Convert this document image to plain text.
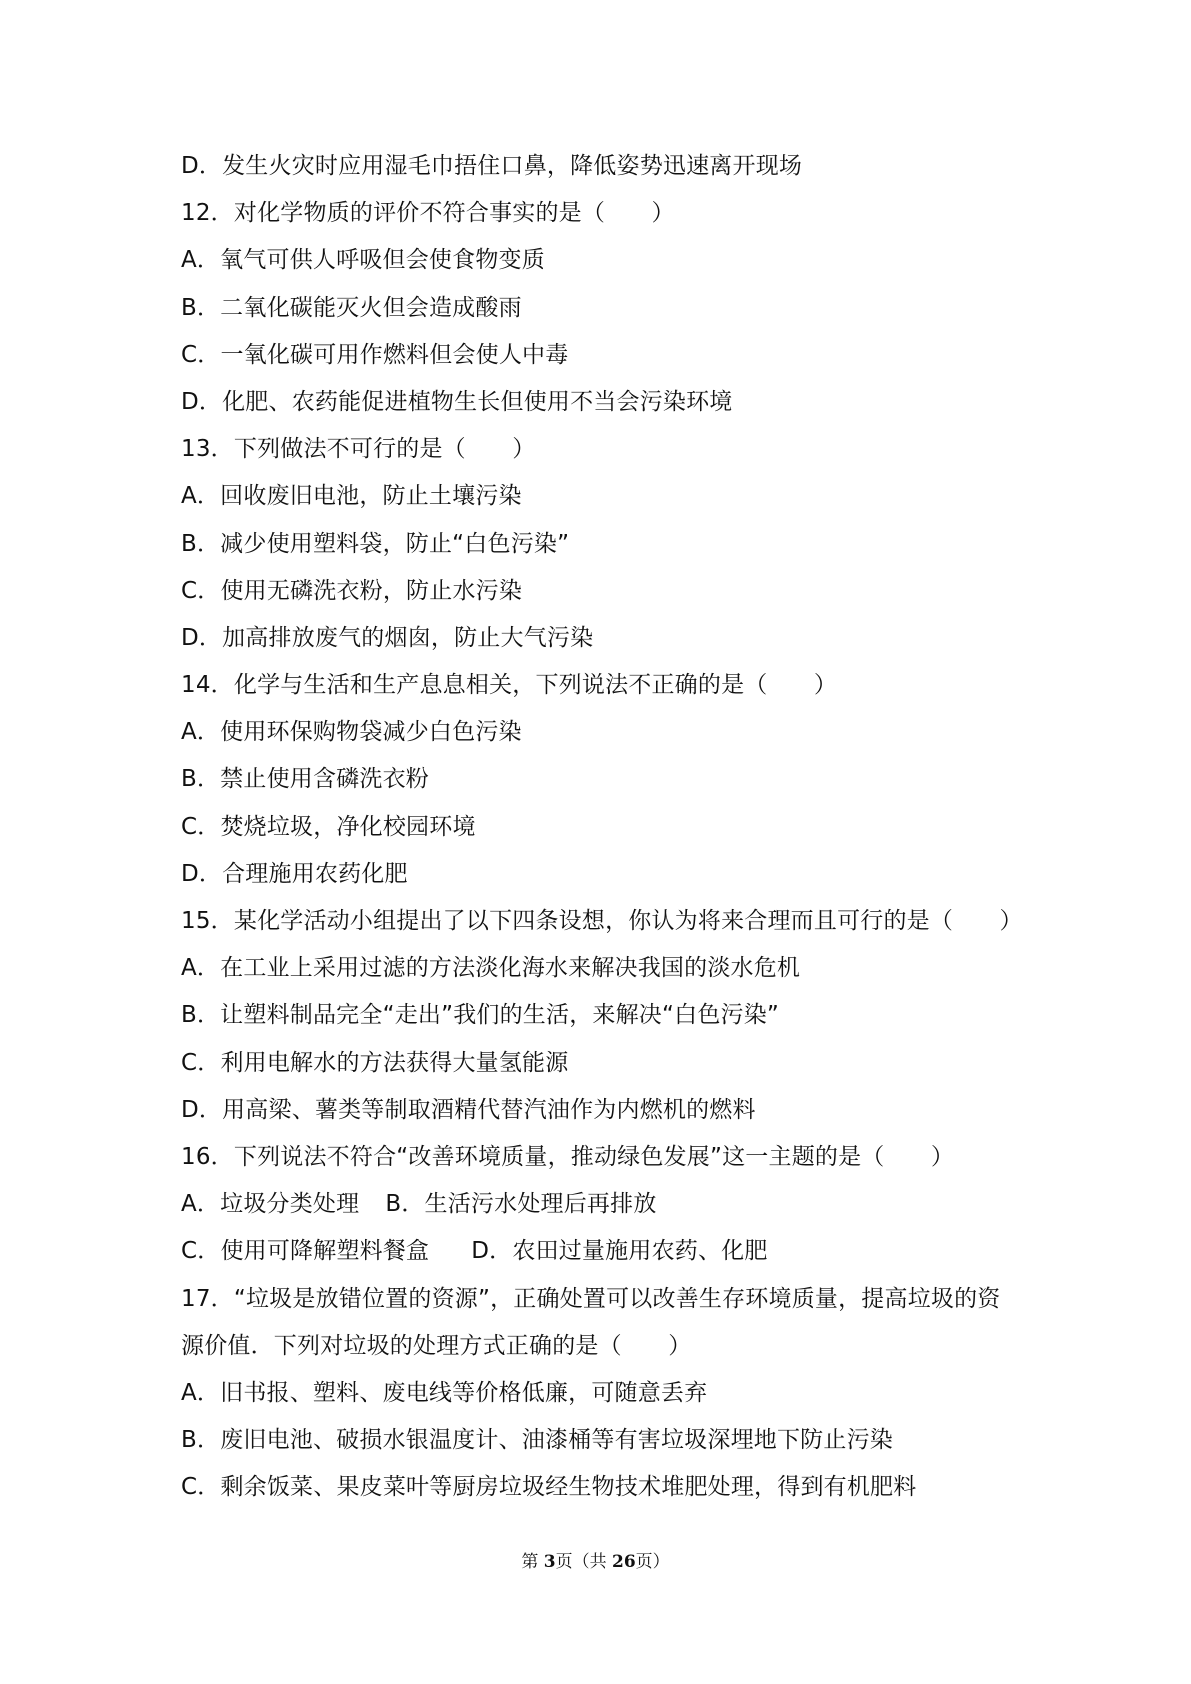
D．发生火灾时应用湿毛巾捂住口鼻，降低姿势迅速离开现场
12．对化学物质的评价不符合事实的是（　　）
A．氧气可供人呼吸但会使食物变质
B．二氧化碳能灭火但会造成酸雨
C．一氧化碳可用作燃料但会使人中毒
D．化肥、农药能促进植物生长但使用不当会污染环境
13．下列做法不可行的是（　　）
A．回收废旧电池，防止土壤污染
B．减少使用塑料袋，防止“白色污染”
C．使用无磷洗衣粉，防止水污染
D．加高排放废气的烟囱，防止大气污染
14．化学与生活和生产息息相关，下列说法不正确的是（　　）
A．使用环保购物袋减少白色污染
B．禁止使用含磷洗衣粉
C．焚烧垃圾，净化校园环境
D．合理施用农药化肥
15．某化学活动小组提出了以下四条设想，你认为将来合理而且可行的是（　　）
A．在工业上采用过滤的方法淡化海水来解决我国的淡水危机
B．让塑料制品完全“走出”我们的生活，来解决“白色污染”
C．利用电解水的方法获得大量氢能源
D．用高梁、薯类等制取酒精代替汽油作为内燃机的燃料
16．下列说法不符合“改善环境质量，推动绿色发展”这一主题的是（　　）
A．垃圾分类处理 B．生活污水处理后再排放
C．使用可降解塑料餐盒 D．农田过量施用农药、化肥
17．“垃圾是放错位置的资源”，正确处置可以改善生存环境质量，提高垃圾的资
源价值．下列对垃圾的处理方式正确的是（　　）
A．旧书报、塑料、废电线等价格低廉，可随意丢弃
B．废旧电池、破损水银温度计、油漆桶等有害垃圾深埋地下防止污染
C．剩余饭菜、果皮菜叶等厨房垃圾经生物技术堆肥处理，得到有机肥料
第 3页（共 26页）
